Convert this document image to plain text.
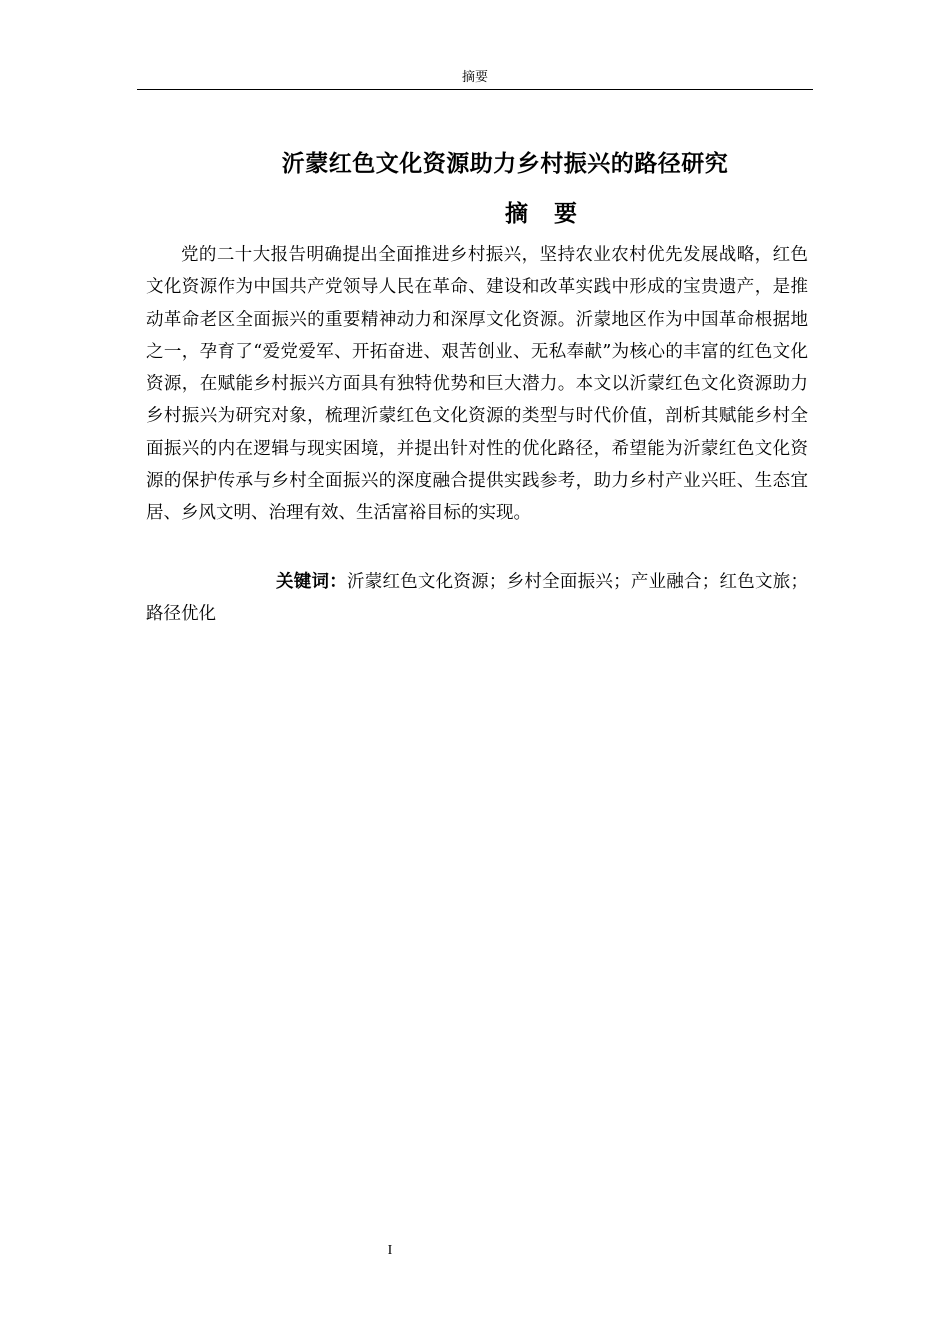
摘要
沂蒙红色文化资源助力乡村振兴的路径研究
摘 要

党的二十大报告明确提出全面推进乡村振兴，坚持农业农村优先发展战略，红色文化资源作为中国共产党领导人民在革命、建设和改革实践中形成的宝贵遗产，是推动革命老区全面振兴的重要精神动力和深厚文化资源。沂蒙地区作为中国革命根据地之一，孕育了“爱党爱军、开拓奋进、艰苦创业、无私奉献”为核心的丰富的红色文化资源，在赋能乡村振兴方面具有独特优势和巨大潜力。本文以沂蒙红色文化资源助力乡村振兴为研究对象，梳理沂蒙红色文化资源的类型与时代价值，剖析其赋能乡村全面振兴的内在逻辑与现实困境，并提出针对性的优化路径，希望能为沂蒙红色文化资源的保护传承与乡村全面振兴的深度融合提供实践参考，助力乡村产业兴旺、生态宜居、乡风文明、治理有效、生活富裕目标的实现。

关键词：沂蒙红色文化资源；乡村全面振兴；产业融合；红色文旅；路径优化

I
